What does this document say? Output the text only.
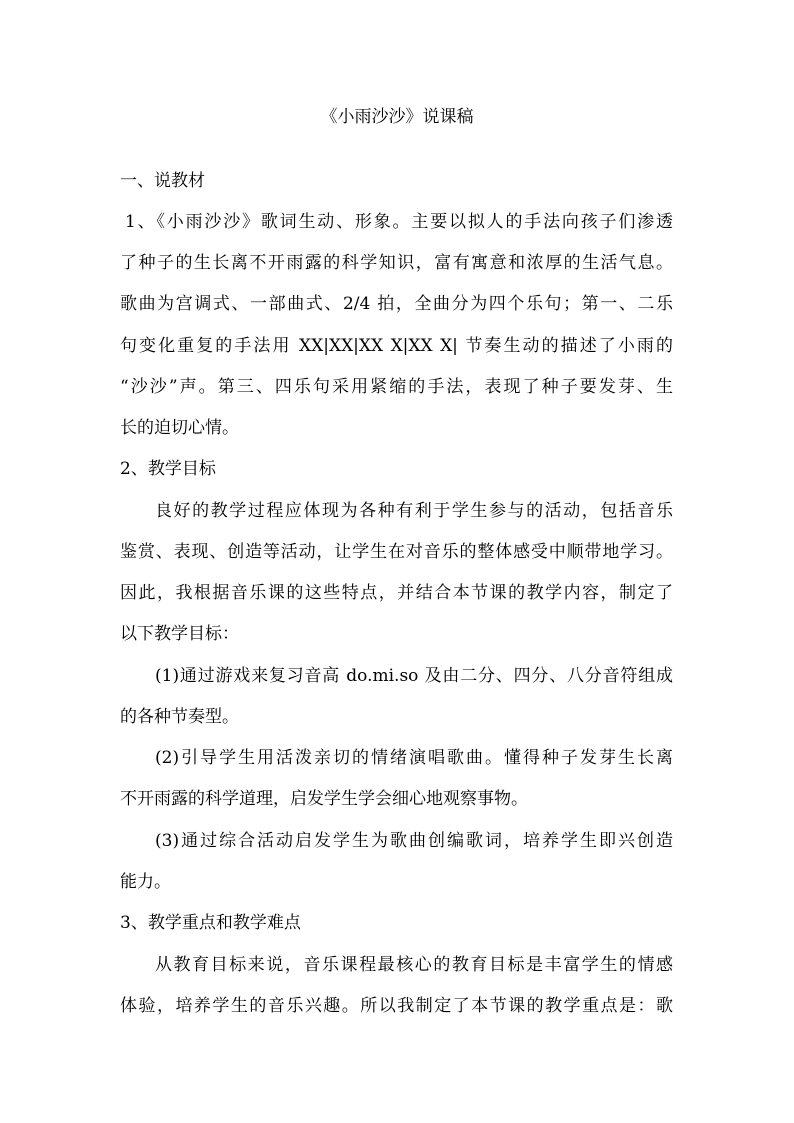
《小雨沙沙》说课稿
一、说教材
1、《小雨沙沙》歌词生动、形象。主要以拟人的手法向孩子们渗透
了种子的生长离不开雨露的科学知识，富有寓意和浓厚的生活气息。
歌曲为宫调式、一部曲式、2/4 拍，全曲分为四个乐句；第一、二乐
句变化重复的手法用 XX|XX|XX X|XX X| 节奏生动的描述了小雨的
“沙沙”声。第三、四乐句采用紧缩的手法，表现了种子要发芽、生
长的迫切心情。
2、教学目标
良好的教学过程应体现为各种有利于学生参与的活动，包括音乐
鉴赏、表现、创造等活动，让学生在对音乐的整体感受中顺带地学习。
因此，我根据音乐课的这些特点，并结合本节课的教学内容，制定了
以下教学目标：
(1)通过游戏来复习音高 do.mi.so 及由二分、四分、八分音符组成
的各种节奏型。
(2)引导学生用活泼亲切的情绪演唱歌曲。懂得种子发芽生长离
不开雨露的科学道理，启发学生学会细心地观察事物。
(3)通过综合活动启发学生为歌曲创编歌词，培养学生即兴创造
能力。
3、教学重点和教学难点
从教育目标来说，音乐课程最核心的教育目标是丰富学生的情感
体验，培养学生的音乐兴趣。所以我制定了本节课的教学重点是：歌
